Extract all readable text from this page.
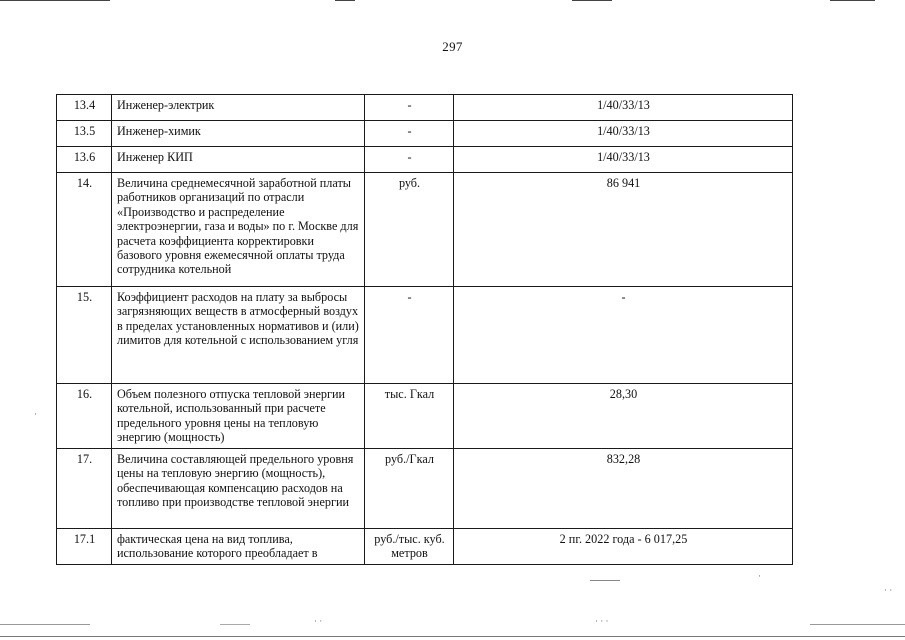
·
·
· ·
· ·	· · ·
297
13.4	Инженер-электрик	-	1/40/33/13
13.5	Инженер-химик	-	1/40/33/13
13.6	Инженер КИП	-	1/40/33/13
14.	Величина среднемесячной заработной платы работников организаций по отрасли «Производство и распределение электроэнергии, газа и воды» по г. Москве для расчета коэффициента корректировки базового уровня ежемесячной оплаты труда сотрудника котельной	руб.	86 941
15.	Коэффициент расходов на плату за выбросы загрязняющих веществ в атмосферный воздух в пределах установленных нормативов и (или) лимитов для котельной с использованием угля	-	-
16.	Объем полезного отпуска тепловой энергии котельной, использованный при расчете предельного уровня цены на тепловую энергию (мощность)	тыс. Гкал	28,30
17.	Величина составляющей предельного уровня цены на тепловую энергию (мощность), обеспечивающая компенсацию расходов на топливо при производстве тепловой энергии	руб./Гкал	832,28
17.1	фактическая цена на вид топлива, использование которого преобладает в	руб./тыс. куб. метров	2 пг. 2022 года - 6 017,25
